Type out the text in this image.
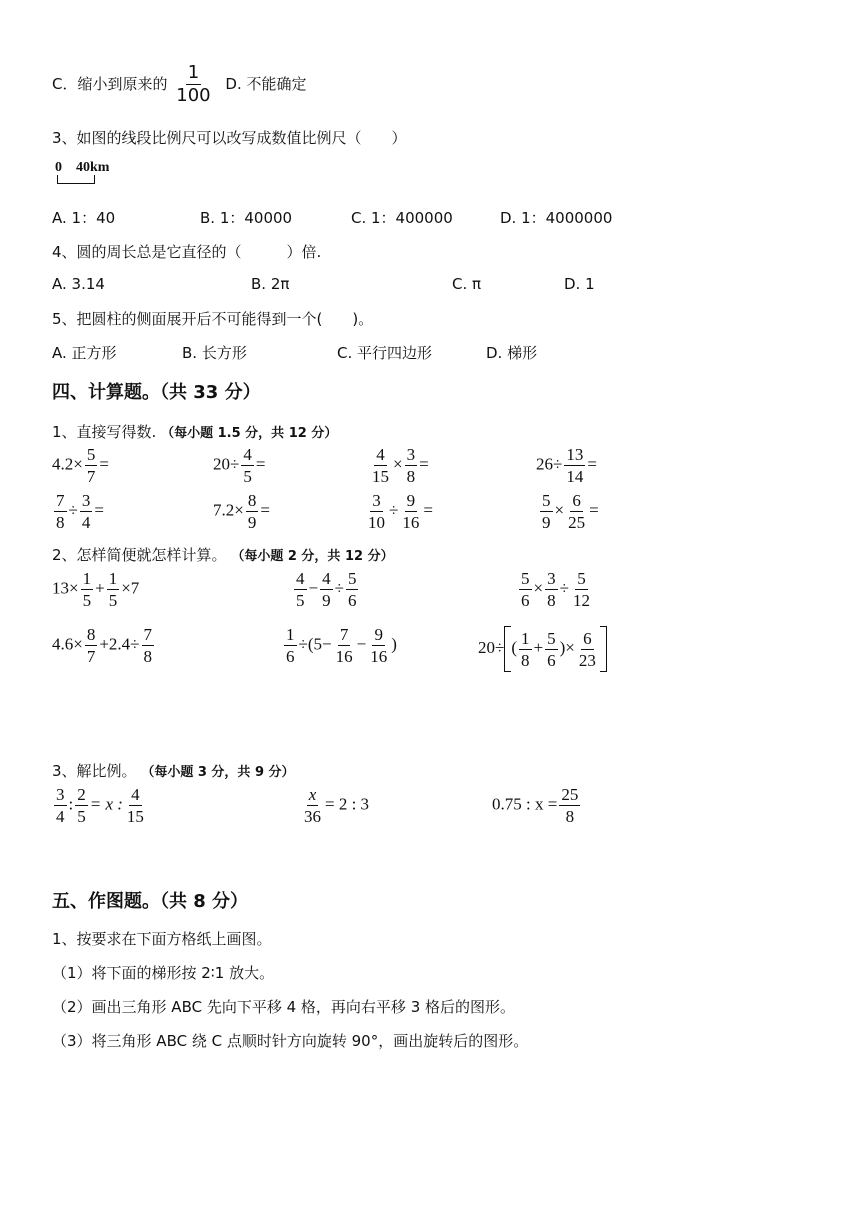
C．缩小到原来的 $\frac{1}{100} D$. 不能确定
3、如图的线段比例尺可以改写成数值比例尺（　　）
0 40km
A. 1：40	B. 1：40000	C. 1：400000	D. 1：4000000
4、圆的周长总是它直径的（　　　）倍.
A. 3.14	B. 2π	C. π	D. 1
5、把圆柱的侧面展开后不可能得到一个(　　)。
A. 正方形	B. 长方形	C. 平行四边形	D. 梯形
四、计算题。（共 33 分）
1、直接写得数. （每小题 1.5 分，共 12 分）
$4.2\times \frac{5}{7}$ =	$20\div \frac{4}{5}$ =	$\frac{4}{15} \times \frac{3}{8}$ =	$26\div \frac{13}{14}$ =
$\frac{7}{8} \div \frac{3}{4}$ =	$7.2\times \frac{8}{9}$ =	$\frac{3}{10} \div \frac{9}{16}$ =	$\frac{5}{9} \times \frac{6}{25}$ =
2、怎样简便就怎样计算。 （每小题 2 分，共 12 分）
$13\times \frac{1}{5} + \frac{1}{5} \times 7$	$\frac{4}{5} - \frac{4}{9} \div \frac{5}{6}$	$\frac{5}{6} \times \frac{3}{8} \div \frac{5}{12}$
$4.6\times \frac{8}{7} +2.4\div \frac{7}{8}$	$\frac{1}{6} \div(5- \frac{7}{16} - \frac{9}{16}$ )	20÷ ( $\frac{1}{8} + \frac{5}{6}$ )× $\frac{6}{23}$
3、解比例。 （每小题 3 分，共 9 分）
$\frac{3}{4}$ : $\frac{2}{5} = x$ : $\frac{4}{15}$	$\frac{x}{36} = 2$ : 3	0.75 : $x = \frac{25}{8}$
五、作图题。（共 8 分）
1、按要求在下面方格纸上画图。
（1）将下面的梯形按 2∶1 放大。
（2）画出三角形 ABC 先向下平移 4 格，再向右平移 3 格后的图形。
（3）将三角形 ABC 绕 C 点顺时针方向旋转 90°，画出旋转后的图形。
